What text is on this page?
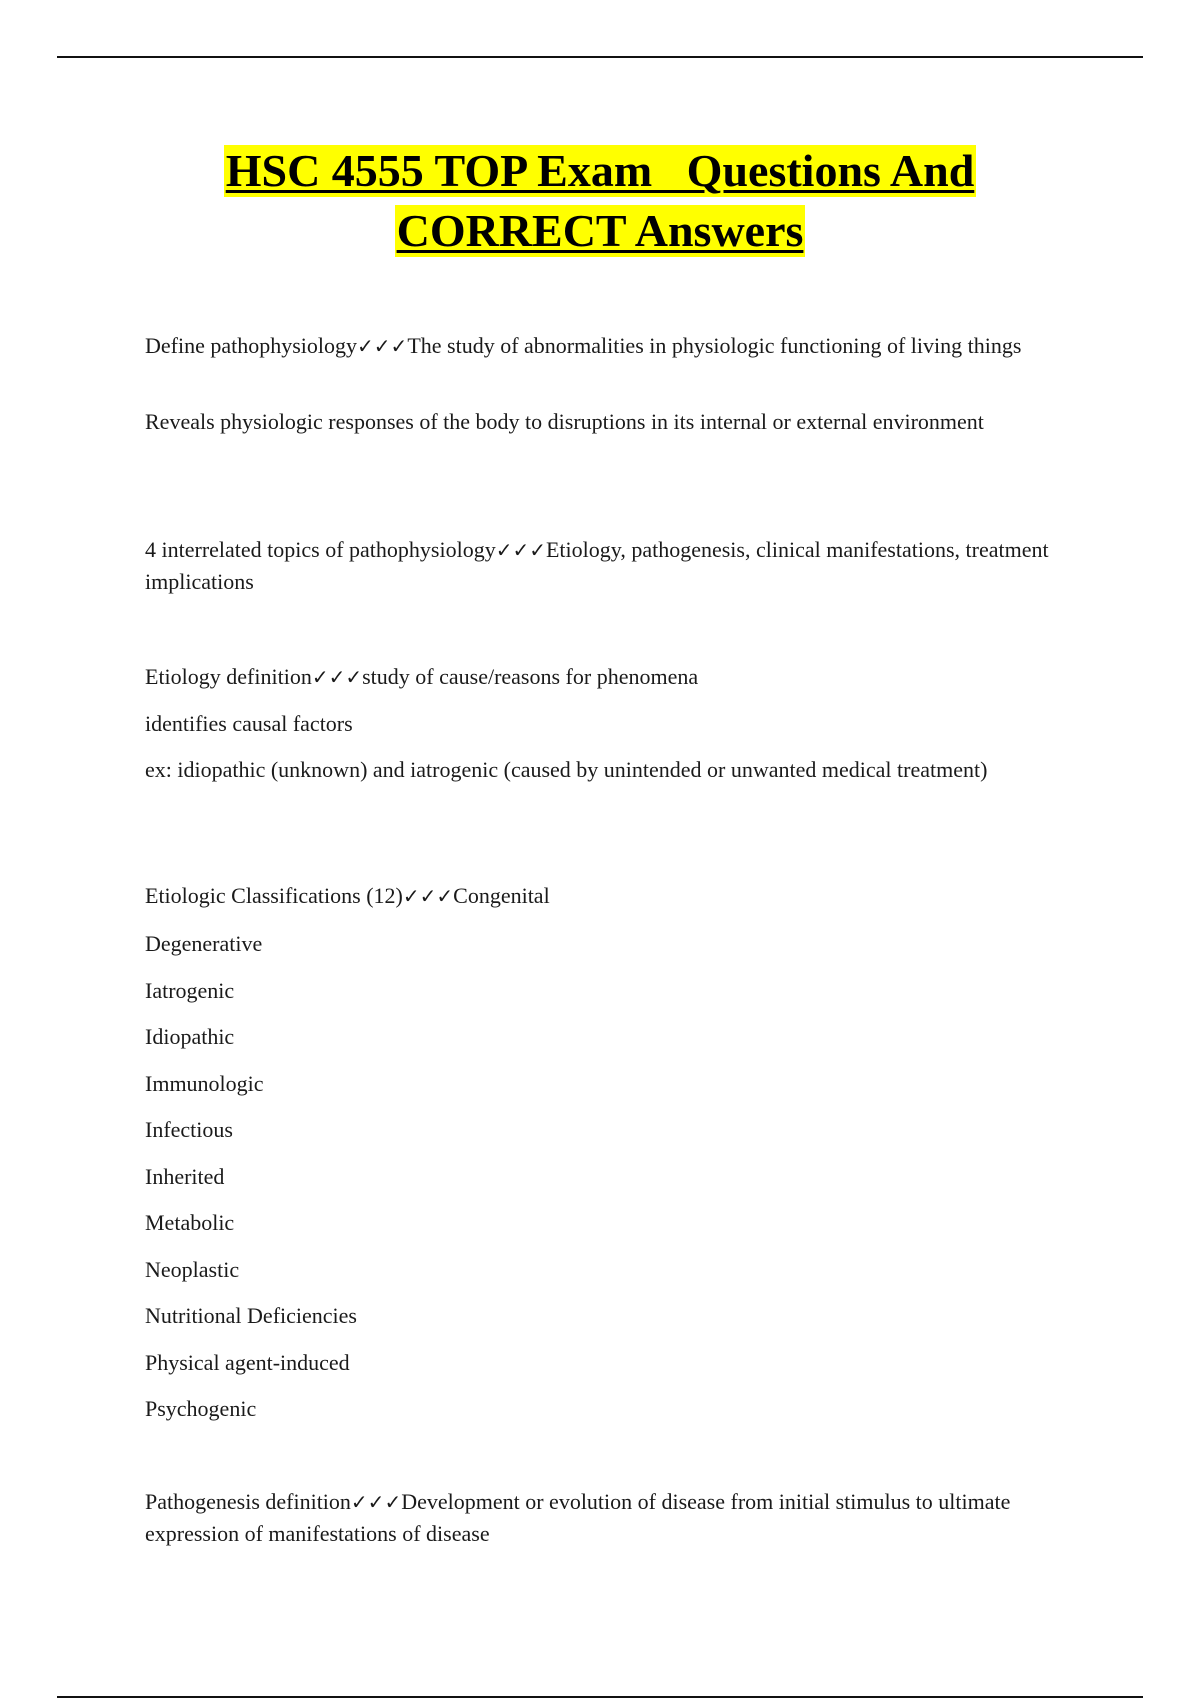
HSC 4555 TOP Exam   Questions And
CORRECT Answers

Define pathophysiology✓✓✓The study of abnormalities in physiologic functioning of living things

Reveals physiologic responses of the body to disruptions in its internal or external environment

4 interrelated topics of pathophysiology✓✓✓Etiology, pathogenesis, clinical manifestations, treatment implications

Etiology definition✓✓✓study of cause/reasons for phenomena

identifies causal factors

ex: idiopathic (unknown) and iatrogenic (caused by unintended or unwanted medical treatment)

Etiologic Classifications (12)✓✓✓Congenital

Degenerative

Iatrogenic

Idiopathic

Immunologic

Infectious

Inherited

Metabolic

Neoplastic

Nutritional Deficiencies

Physical agent-induced

Psychogenic

Pathogenesis definition✓✓✓Development or evolution of disease from initial stimulus to ultimate expression of manifestations of disease
